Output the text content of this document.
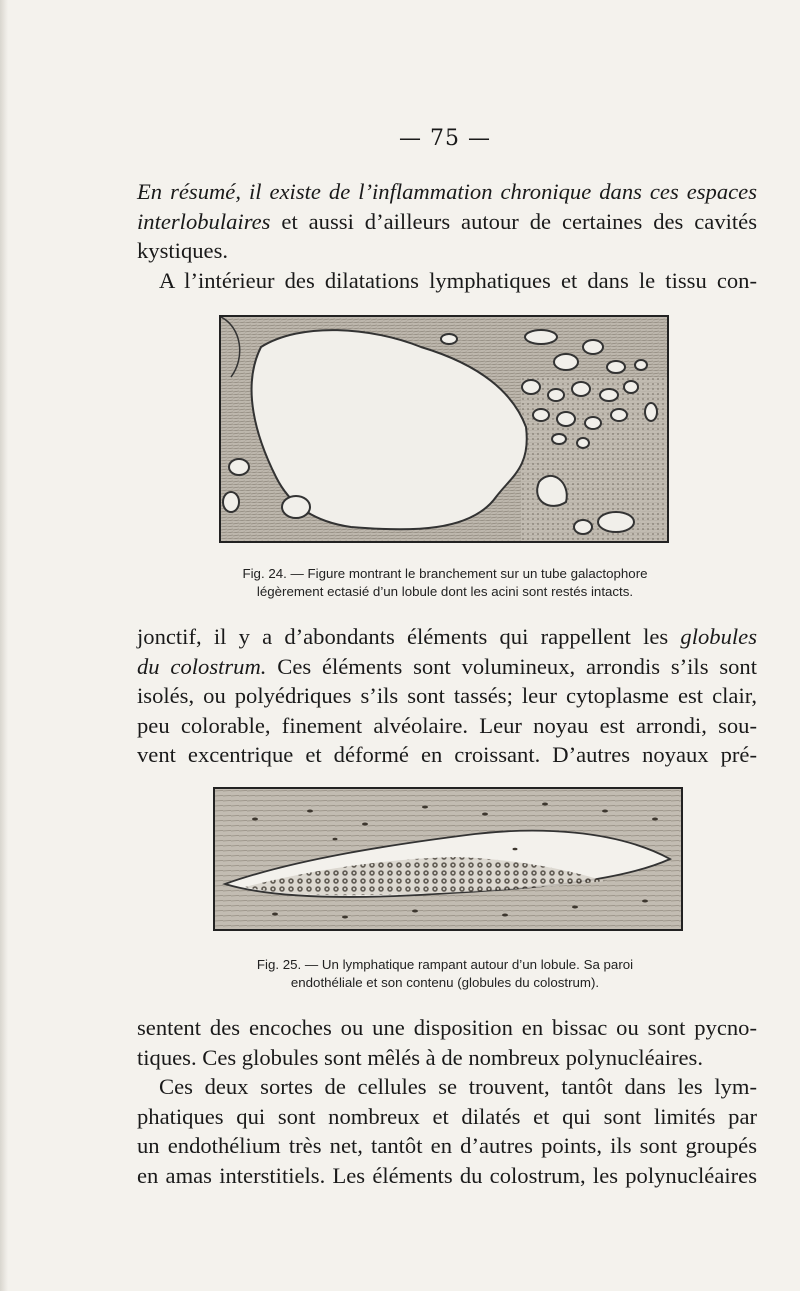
— 75 —
En résumé, il existe de l’inflammation chronique dans ces espaces
interlobulaires et aussi d’ailleurs autour de certaines des cavités
kystiques.
A l’intérieur des dilatations lymphatiques et dans le tissu con-
Fig. 24. — Figure montrant le branchement sur un tube galactophore
légèrement ectasié d’un lobule dont les acini sont restés intacts.
jonctif, il y a d’abondants éléments qui rappellent les globules
du colostrum. Ces éléments sont volumineux, arrondis s’ils sont
isolés, ou polyédriques s’ils sont tassés; leur cytoplasme est clair,
peu colorable, finement alvéolaire. Leur noyau est arrondi, sou-
vent excentrique et déformé en croissant. D’autres noyaux pré-
Fig. 25. — Un lymphatique rampant autour d’un lobule. Sa paroi
endothéliale et son contenu (globules du colostrum).
sentent des encoches ou une disposition en bissac ou sont pycno-
tiques. Ces globules sont mêlés à de nombreux polynucléaires.
Ces deux sortes de cellules se trouvent, tantôt dans les lym-
phatiques qui sont nombreux et dilatés et qui sont limités par
un endothélium très net, tantôt en d’autres points, ils sont groupés
en amas interstitiels. Les éléments du colostrum, les polynucléaires
